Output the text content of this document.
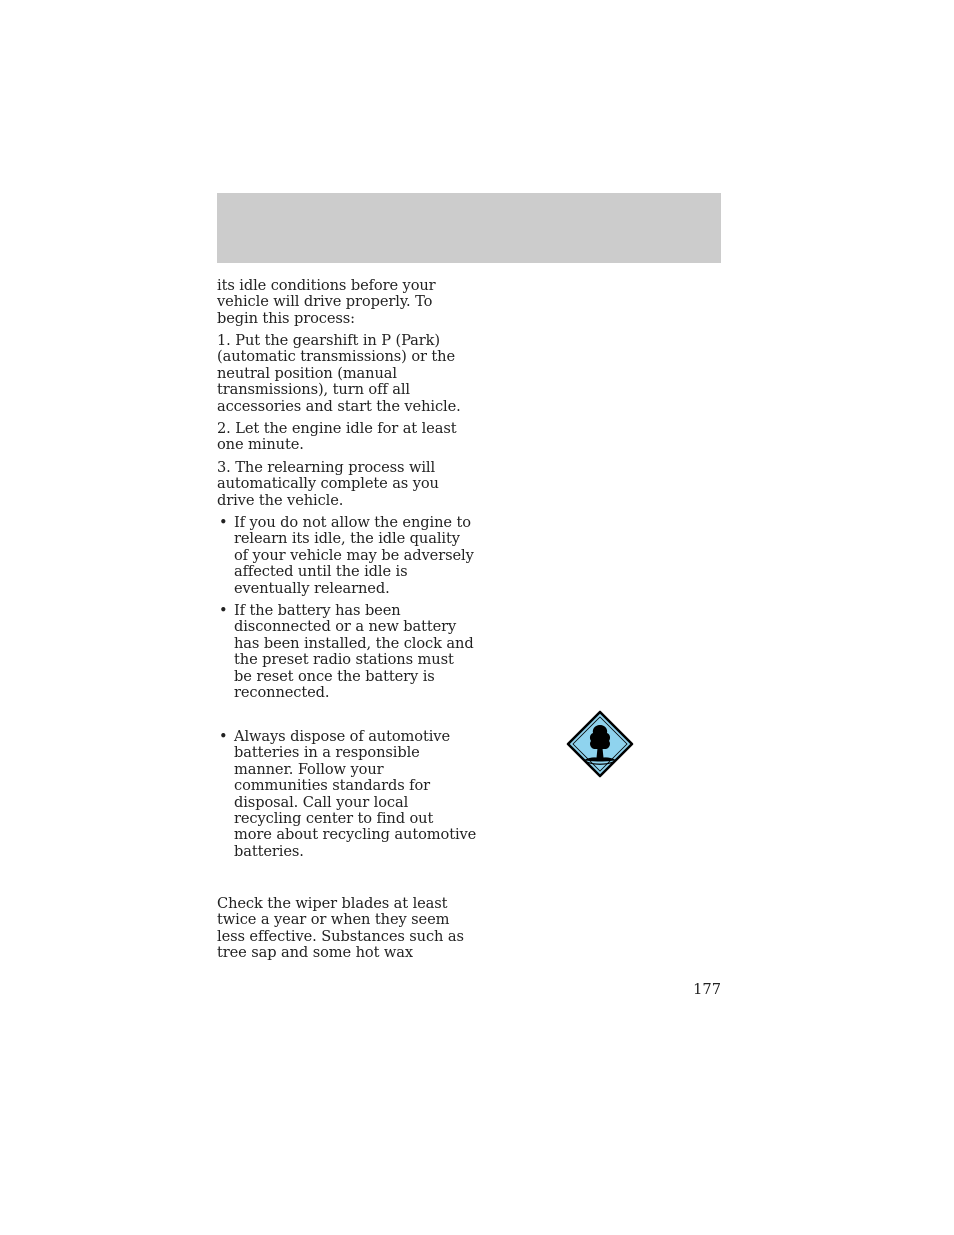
its idle conditions before your
vehicle will drive properly. To
begin this process:

1. Put the gearshift in P (Park)
(automatic transmissions) or the
neutral position (manual
transmissions), turn off all
accessories and start the vehicle.

2. Let the engine idle for at least
one minute.

3. The relearning process will
automatically complete as you
drive the vehicle.

• If you do not allow the engine to
relearn its idle, the idle quality
of your vehicle may be adversely
affected until the idle is
eventually relearned.

• If the battery has been
disconnected or a new battery
has been installed, the clock and
the preset radio stations must
be reset once the battery is
reconnected.

• Always dispose of automotive
batteries in a responsible
manner. Follow your
communities standards for
disposal. Call your local
recycling center to find out
more about recycling automotive
batteries.

Check the wiper blades at least
twice a year or when they seem
less effective. Substances such as
tree sap and some hot wax

177
